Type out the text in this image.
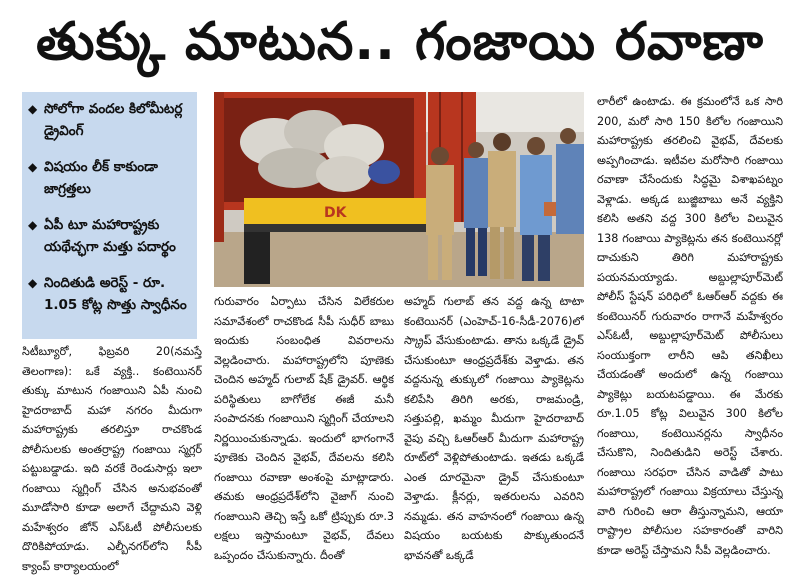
తుక్కు మాటున.. గంజాయి రవాణా
◆ సోలోగా వందల కిలోమీటర్ల డ్రైవింగ్
◆ విషయం లీక్ కాకుండా జాగ్రత్తలు
◆ ఏపీ టూ మహారాష్ట్రకు యథేచ్ఛగా మత్తు పదార్థం
◆ నిందితుడి అరెస్ట్ - రూ. 1.05 కోట్ల సొత్తు స్వాధీనం
DK

సిటీబ్యూరో, ఫిబ్రవరి 20(నమస్తే తెలంగాణ): ఒకే వ్యక్తి.. కంటెయినర్ తుక్కు మాటున గంజాయిని ఏపీ నుంచి హైదరాబాద్ మహా నగరం మీదుగా మహారాష్ట్రకు తరలిస్తూ రాచకొండ పోలీసులకు అంతర్రాష్ట్ర గంజాయి స్మగ్లర్ పట్టుబడ్డాడు. ఇది వరకే రెండుసార్లు ఇలా గంజాయి స్మగ్లింగ్ చేసిన అనుభవంతో మూడోసారి కూడా అలాగే చేద్దామని వెళ్లి మహేశ్వరం జోన్ ఎస్ఓటీ పోలీసులకు దొరికిపోయాడు. ఎల్బీనగర్‌లోని సీపీ క్యాంప్ కార్యాలయంలో

గురువారం ఏర్పాటు చేసిన విలేకరుల సమావేశంలో రాచకొండ సీపీ సుధీర్ బాబు ఇందుకు సంబంధిత వివరాలను వెల్లడించారు. మహారాష్ట్రలోని పూణెకు చెందిన అహ్మద్ గులాబ్ షేక్ డ్రైవర్. ఆర్థిక పరిస్థితులు బాగోలేక ఈజీ మనీ సంపాదనకు గంజాయిని స్మగ్లింగ్ చేయాలని నిర్ణయించుకున్నాడు. ఇందులో భాగంగానే పూణెకు చెందిన వైభవ్, దేవలను కలిసి గంజాయి రవాణా అంశంపై మాట్లాడారు. తమకు ఆంధ్రప్రదేశ్‌లోని వైజాగ్ నుంచి గంజాయిని తెచ్చి ఇస్తే ఒకో ట్రిప్పుకు రూ.3 లక్షలు ఇస్తామంటూ వైభవ్, దేవలు ఒప్పందం చేసుకున్నారు. దీంతో

అహ్మద్ గులాబ్ తన వద్ద ఉన్న టాటా కంటెయినర్ (ఎంహెచ్-16-సీడీ-2076)లో స్క్రాప్ వేసుకుంటాడు. తాను ఒక్కడే డ్రైవ్ చేసుకుంటూ ఆంధ్రప్రదేశ్‌కు వెళ్తాడు. తన వద్దనున్న తుక్కులో గంజాయి ప్యాకెట్లను కలిపేసి తిరిగి అరకు, రాజమండ్రి, సత్తుపల్లి, ఖమ్మం మీదుగా హైదరాబాద్ వైపు వచ్చి ఓఆర్ఆర్ మీదుగా మహారాష్ట్ర రూట్‌లో వెళ్లిపోతుంటాడు. ఇతడు ఒక్కడే ఎంత దూరమైనా డ్రైవ్ చేసుకుంటూ వెళ్తాడు. క్లీనర్లు, ఇతరులను ఎవరిని నమ్మడు. తన వాహనంలో గంజాయి ఉన్న విషయం బయటకు పొక్కుతుందనే భావనతో ఒక్కడే

లారీలో ఉంటాడు. ఈ క్రమంలోనే ఒక సారి 200, మరో సారి 150 కిలోల గంజాయిని మహారాష్ట్రకు తరలించి వైభవ్, దేవలకు అప్పగించాడు. ఇటీవల మరోసారి గంజాయి రవాణా చేసేందుకు సిద్ధమై విశాఖపట్నం వెళ్లాడు. అక్కడ బుజ్జిబాబు అనే వ్యక్తిని కలిసి అతని వద్ద 300 కిలోల విలువైన 138 గంజాయి ప్యాకెట్లను తన కంటెయినర్లో దాచుకుని తిరిగి మహారాష్ట్రకు పయనమయ్యాడు. అబ్దుల్లాపూర్‌మెట్ పోలీస్ స్టేషన్ పరిధిలో ఓఆర్ఆర్ వద్దకు ఈ కంటెయినర్ గురువారం రాగానే మహేశ్వరం ఎస్ఓటీ, అబ్దుల్లాపూర్‌మెట్ పోలీసులు సంయుక్తంగా లారీని ఆపి తనిఖీలు చేయడంతో అందులో ఉన్న గంజాయి ప్యాకెట్లు బయటపడ్డాయి. ఈ మేరకు రూ.1.05 కోట్ల విలువైన 300 కిలోల గంజాయి, కంటెయినర్లను స్వాధీనం చేసుకొని, నిందితుడిని అరెస్ట్ చేశారు. గంజాయి సరఫరా చేసిన వాడితో పాటు మహారాష్ట్రలో గంజాయి విక్రయాలు చేస్తున్న వారి గురించి ఆరా తీస్తున్నామని, ఆయా రాష్ట్రాల పోలీసుల సహకారంతో వారిని కూడా అరెస్ట్ చేస్తామని సీపీ వెల్లడించారు.
